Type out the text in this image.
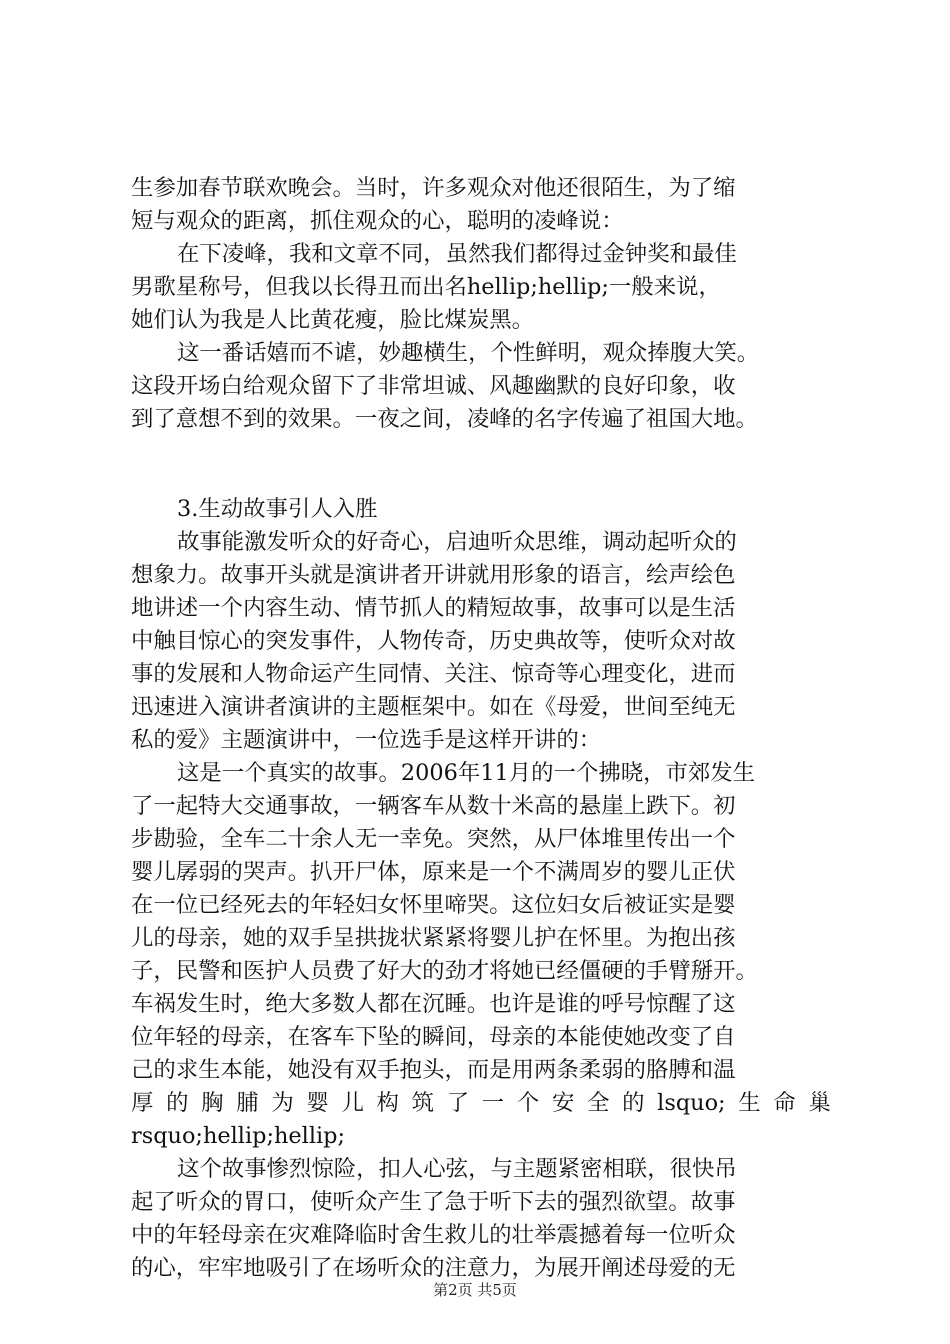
生参加春节联欢晚会。当时，许多观众对他还很陌生，为了缩
短与观众的距离，抓住观众的心，聪明的凌峰说：
在下凌峰，我和文章不同，虽然我们都得过金钟奖和最佳
男歌星称号，但我以长得丑而出名hellip;hellip;一般来说，
她们认为我是人比黄花瘦，脸比煤炭黑。
这一番话嬉而不谑，妙趣横生，个性鲜明，观众捧腹大笑。
这段开场白给观众留下了非常坦诚、风趣幽默的良好印象，收
到了意想不到的效果。一夜之间，凌峰的名字传遍了祖国大地。
3.生动故事引人入胜
故事能激发听众的好奇心，启迪听众思维，调动起听众的
想象力。故事开头就是演讲者开讲就用形象的语言，绘声绘色
地讲述一个内容生动、情节抓人的精短故事，故事可以是生活
中触目惊心的突发事件，人物传奇，历史典故等，使听众对故
事的发展和人物命运产生同情、关注、惊奇等心理变化，进而
迅速进入演讲者演讲的主题框架中。如在《母爱，世间至纯无
私的爱》主题演讲中，一位选手是这样开讲的：
这是一个真实的故事。2006年11月的一个拂晓，市郊发生
了一起特大交通事故，一辆客车从数十米高的悬崖上跌下。初
步勘验，全车二十余人无一幸免。突然，从尸体堆里传出一个
婴儿孱弱的哭声。扒开尸体，原来是一个不满周岁的婴儿正伏
在一位已经死去的年轻妇女怀里啼哭。这位妇女后被证实是婴
儿的母亲，她的双手呈拱拢状紧紧将婴儿护在怀里。为抱出孩
子，民警和医护人员费了好大的劲才将她已经僵硬的手臂掰开。
车祸发生时，绝大多数人都在沉睡。也许是谁的呼号惊醒了这
位年轻的母亲，在客车下坠的瞬间，母亲的本能使她改变了自
己的求生本能，她没有双手抱头，而是用两条柔弱的胳膊和温
厚 的 胸 脯 为 婴 儿 构 筑 了 一 个 安 全 的 lsquo; 生 命 巢
rsquo;hellip;hellip;
这个故事惨烈惊险，扣人心弦，与主题紧密相联，很快吊
起了听众的胃口，使听众产生了急于听下去的强烈欲望。故事
中的年轻母亲在灾难降临时舍生救儿的壮举震撼着每一位听众
的心，牢牢地吸引了在场听众的注意力，为展开阐述母爱的无
第2页 共5页
